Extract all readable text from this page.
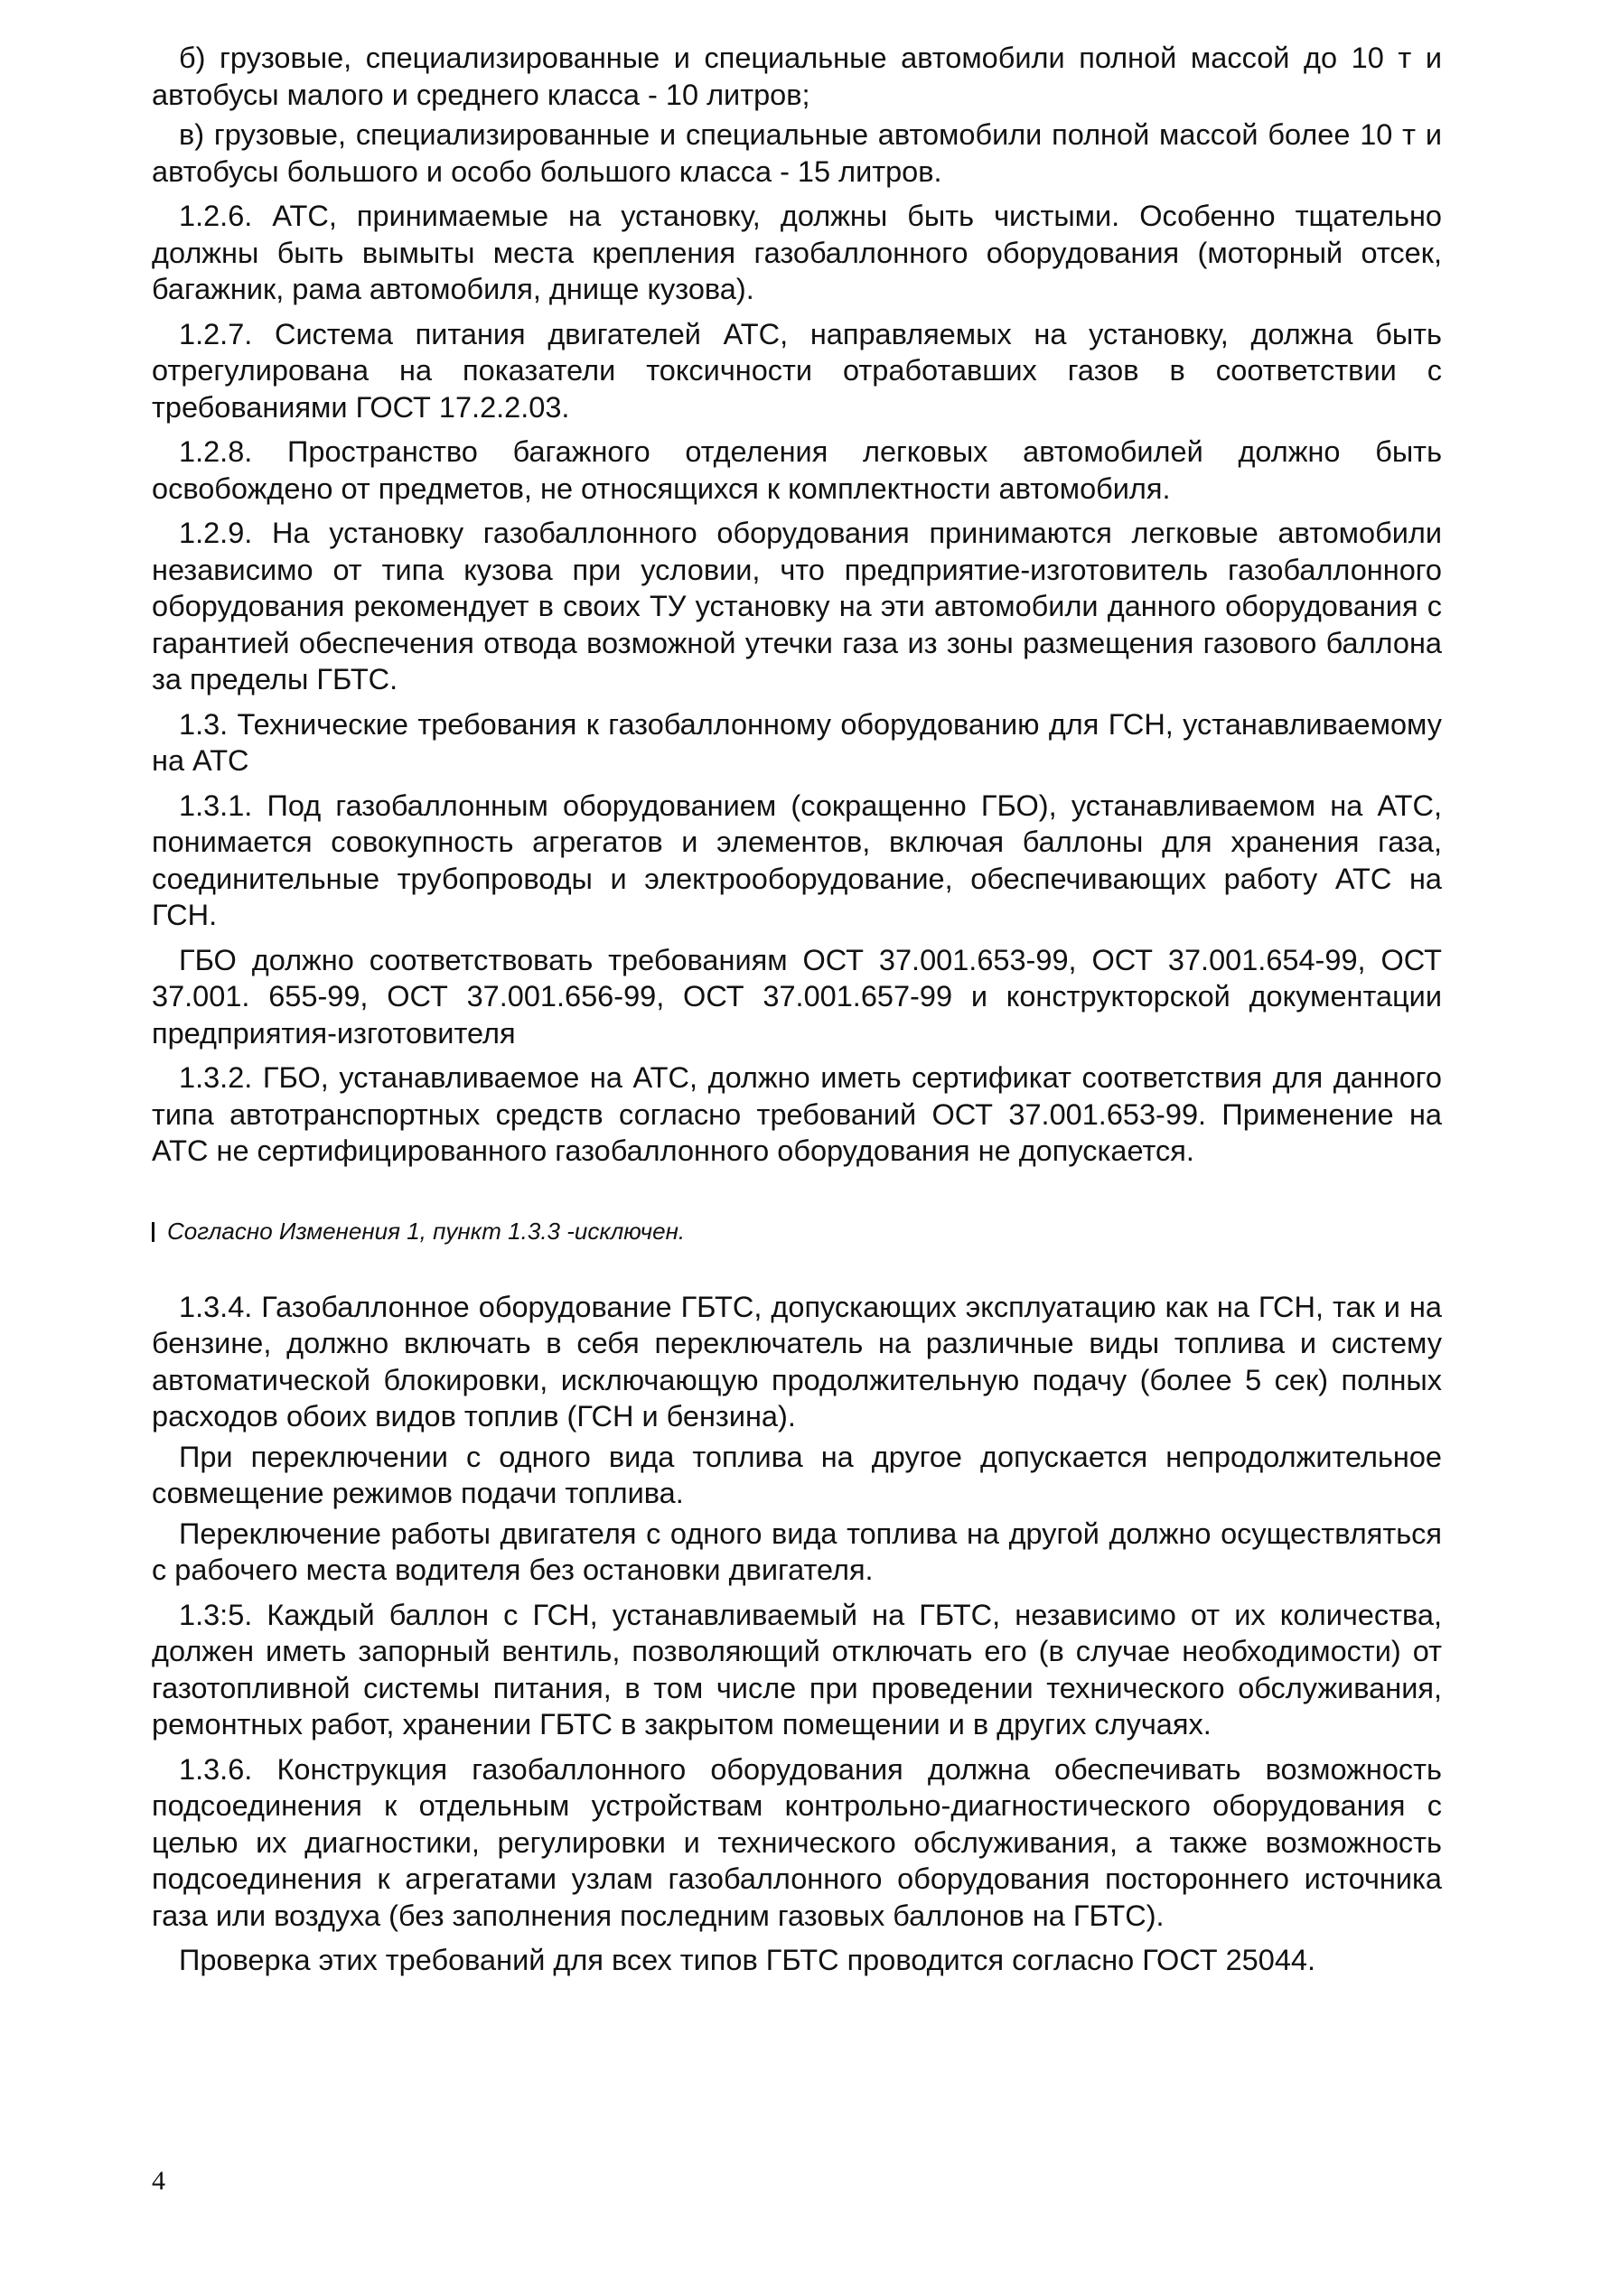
б) грузовые, специализированные и специальные автомобили полной массой до 10 т и автобусы малого и среднего класса - 10 литров;

в) грузовые, специализированные и специальные автомобили полной массой более 10 т и автобусы большого и особо большого класса - 15 литров.

1.2.6. АТС, принимаемые на установку, должны быть чистыми. Особенно тщательно должны быть вымыты места крепления газобаллонного оборудования (моторный отсек, багажник, рама автомобиля, днище кузова).

1.2.7. Система питания двигателей АТС, направляемых на установку, должна быть отрегулирована на показатели токсичности отработавших газов в соответствии с требованиями ГОСТ 17.2.2.03.

1.2.8. Пространство багажного отделения легковых автомобилей должно быть освобождено от предметов, не относящихся к комплектности автомобиля.

1.2.9. На установку газобаллонного оборудования принимаются легковые автомобили независимо от типа кузова при условии, что предприятие-изготовитель газобаллонного оборудования рекомендует в своих ТУ установку на эти автомобили данного оборудования с гарантией обеспечения отвода возможной утечки газа из зоны размещения газового баллона за пределы ГБТС.

1.3. Технические требования к газобаллонному оборудованию для ГСН, устанавливаемому на АТС

1.3.1. Под газобаллонным оборудованием (сокращенно ГБО), устанавливаемом на АТС, понимается совокупность агрегатов и элементов, включая баллоны для хранения газа, соединительные трубопроводы и электрооборудование, обеспечивающих работу АТС на ГСН.

ГБО должно соответствовать требованиям ОСТ 37.001.653-99, ОСТ 37.001.654-99, ОСТ 37.001. 655-99, ОСТ 37.001.656-99, ОСТ 37.001.657-99 и конструкторской документации предприятия-изготовителя

1.3.2. ГБО, устанавливаемое на АТС, должно иметь сертификат соответствия для данного типа автотранспортных средств согласно требований ОСТ 37.001.653-99. Применение на АТС не сертифицированного газобаллонного оборудования не допускается.

Согласно Изменения 1, пункт 1.3.3 -исключен.

1.3.4. Газобаллонное оборудование ГБТС, допускающих эксплуатацию как на ГСН, так и на бензине, должно включать в себя переключатель на различные виды топлива и систему автоматической блокировки, исключающую продолжительную подачу (более 5 сек) полных расходов обоих видов топлив (ГСН и бензина).

При переключении с одного вида топлива на другое допускается непродолжительное совмещение режимов подачи топлива.

Переключение работы двигателя с одного вида топлива на другой должно осуществляться с рабочего места водителя без остановки двигателя.

1.3:5. Каждый баллон с ГСН, устанавливаемый на ГБТС, независимо от их количества, должен иметь запорный вентиль, позволяющий отключать его (в случае необходимости) от газотопливной системы питания, в том числе при проведении технического обслуживания, ремонтных работ, хранении ГБТС в закрытом помещении и в других случаях.

1.3.6. Конструкция газобаллонного оборудования должна обеспечивать возможность подсоединения к отдельным устройствам контрольно-диагностического оборудования с целью их диагностики, регулировки и технического обслуживания, а также возможность подсоединения к агрегатами узлам газобаллонного оборудования постороннего источника газа или воздуха (без заполнения последним газовых баллонов на ГБТС).

Проверка этих требований для всех типов ГБТС проводится согласно ГОСТ 25044.

4
